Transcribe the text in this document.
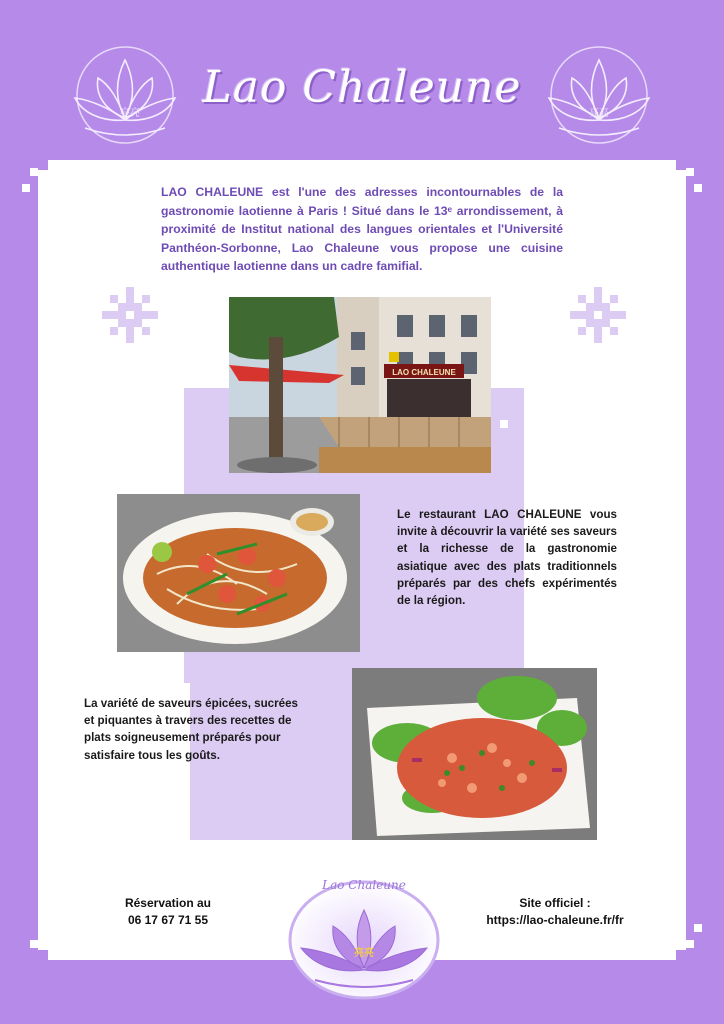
亮亮	亮亮
Lao Chaleune
LAO CHALEUNE est l'une des adresses incontournables de la gastronomie laotienne à Paris ! Situé dans le 13ᵉ arrondissement, à proximité de Institut national des langues orientales et l'Université Panthéon-Sorbonne, Lao Chaleune vous propose une cuisine authentique laotienne dans un cadre famifial.
LAO CHALEUNE
Le restaurant LAO CHALEUNE vous invite à découvrir la variété ses saveurs et la richesse de la gastronomie asiatique avec des plats traditionnels préparés par des chefs expérimentés de la région.
La variété de saveurs épicées, sucrées et piquantes à travers des recettes de plats soigneusement préparés pour satisfaire tous les goûts.
Réservation au
06 17 67 71 55
Lao Chaleune
亮亮
Site officiel :
https://lao-chaleune.fr/fr
